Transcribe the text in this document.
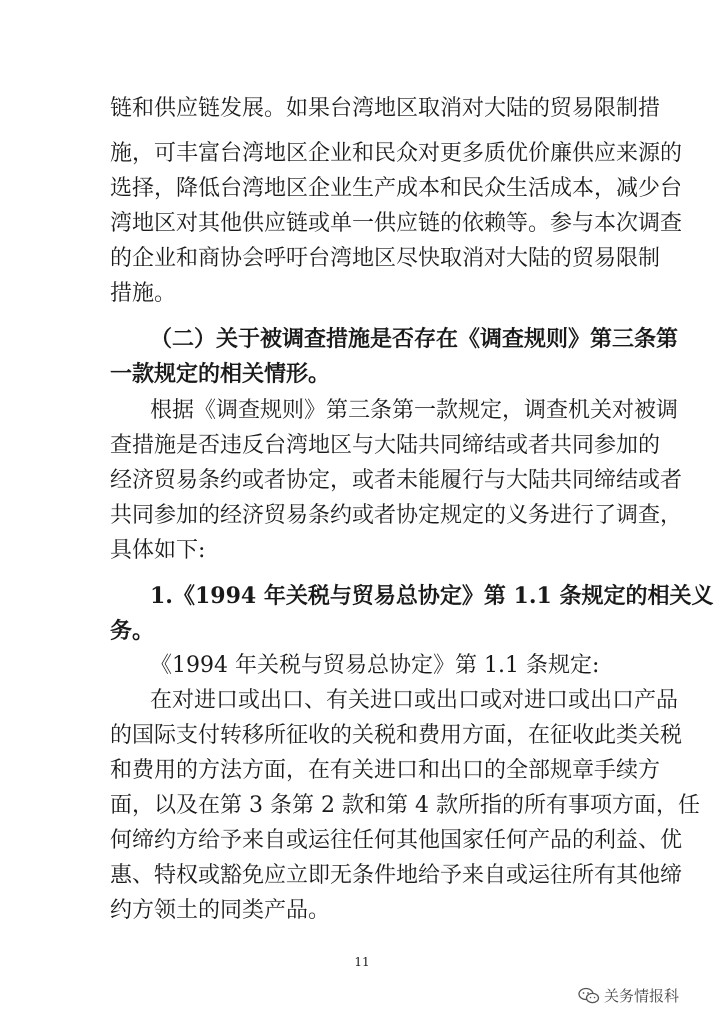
链和供应链发展。如果台湾地区取消对大陆的贸易限制措
施，可丰富台湾地区企业和民众对更多质优价廉供应来源的
选择，降低台湾地区企业生产成本和民众生活成本，减少台
湾地区对其他供应链或单一供应链的依赖等。参与本次调查
的企业和商协会呼吁台湾地区尽快取消对大陆的贸易限制
措施。
（二）关于被调查措施是否存在《调查规则》第三条第
一款规定的相关情形。
根据《调查规则》第三条第一款规定，调查机关对被调
查措施是否违反台湾地区与大陆共同缔结或者共同参加的
经济贸易条约或者协定，或者未能履行与大陆共同缔结或者
共同参加的经济贸易条约或者协定规定的义务进行了调查，
具体如下:
1.《1994 年关税与贸易总协定》第 1.1 条规定的相关义
务。
《1994 年关税与贸易总协定》第 1.1 条规定:
在对进口或出口、有关进口或出口或对进口或出口产品
的国际支付转移所征收的关税和费用方面，在征收此类关税
和费用的方法方面，在有关进口和出口的全部规章手续方
面，以及在第 3 条第 2 款和第 4 款所指的所有事项方面，任
何缔约方给予来自或运往任何其他国家任何产品的利益、优
惠、特权或豁免应立即无条件地给予来自或运往所有其他缔
约方领土的同类产品。
11
关务情报科
